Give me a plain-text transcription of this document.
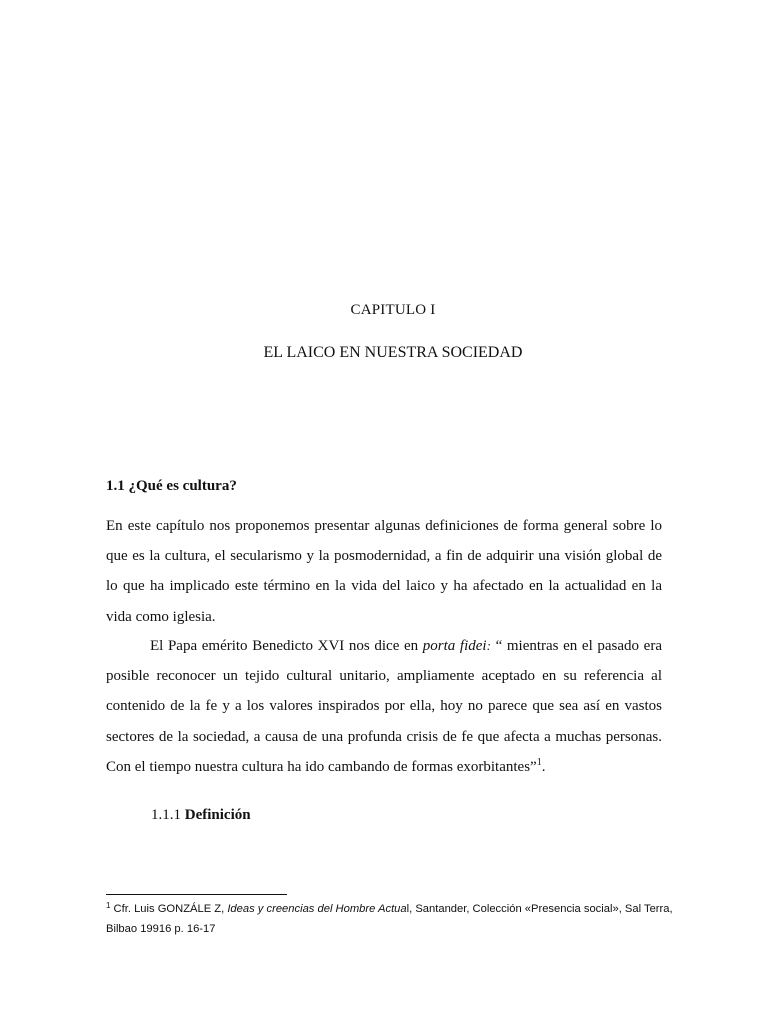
CAPITULO I
EL LAICO EN NUESTRA SOCIEDAD
1.1 ¿Qué es cultura?

En este capítulo nos proponemos presentar algunas definiciones de forma general sobre lo que es la cultura, el secularismo y la posmodernidad, a fin de adquirir una visión global de lo que ha implicado este término en la vida del laico y ha afectado en la actualidad en la vida como iglesia.

El Papa emérito Benedicto XVI nos dice en porta fidei: “ mientras en el pasado era posible reconocer un tejido cultural unitario, ampliamente aceptado en su referencia al contenido de la fe y a los valores inspirados por ella, hoy no parece que sea así en vastos sectores de la sociedad, a causa de una profunda crisis de fe que afecta a muchas personas. Con el tiempo nuestra cultura ha ido cambando de formas exorbitantes”$^1$.

1.1.1 Definición
$^1$ Cfr. Luis GONZÁLE Z, Ideas y creencias del Hombre Actual, Santander, Colección «Presencia social», Sal Terra, Bilbao 19916 p. 16-17
